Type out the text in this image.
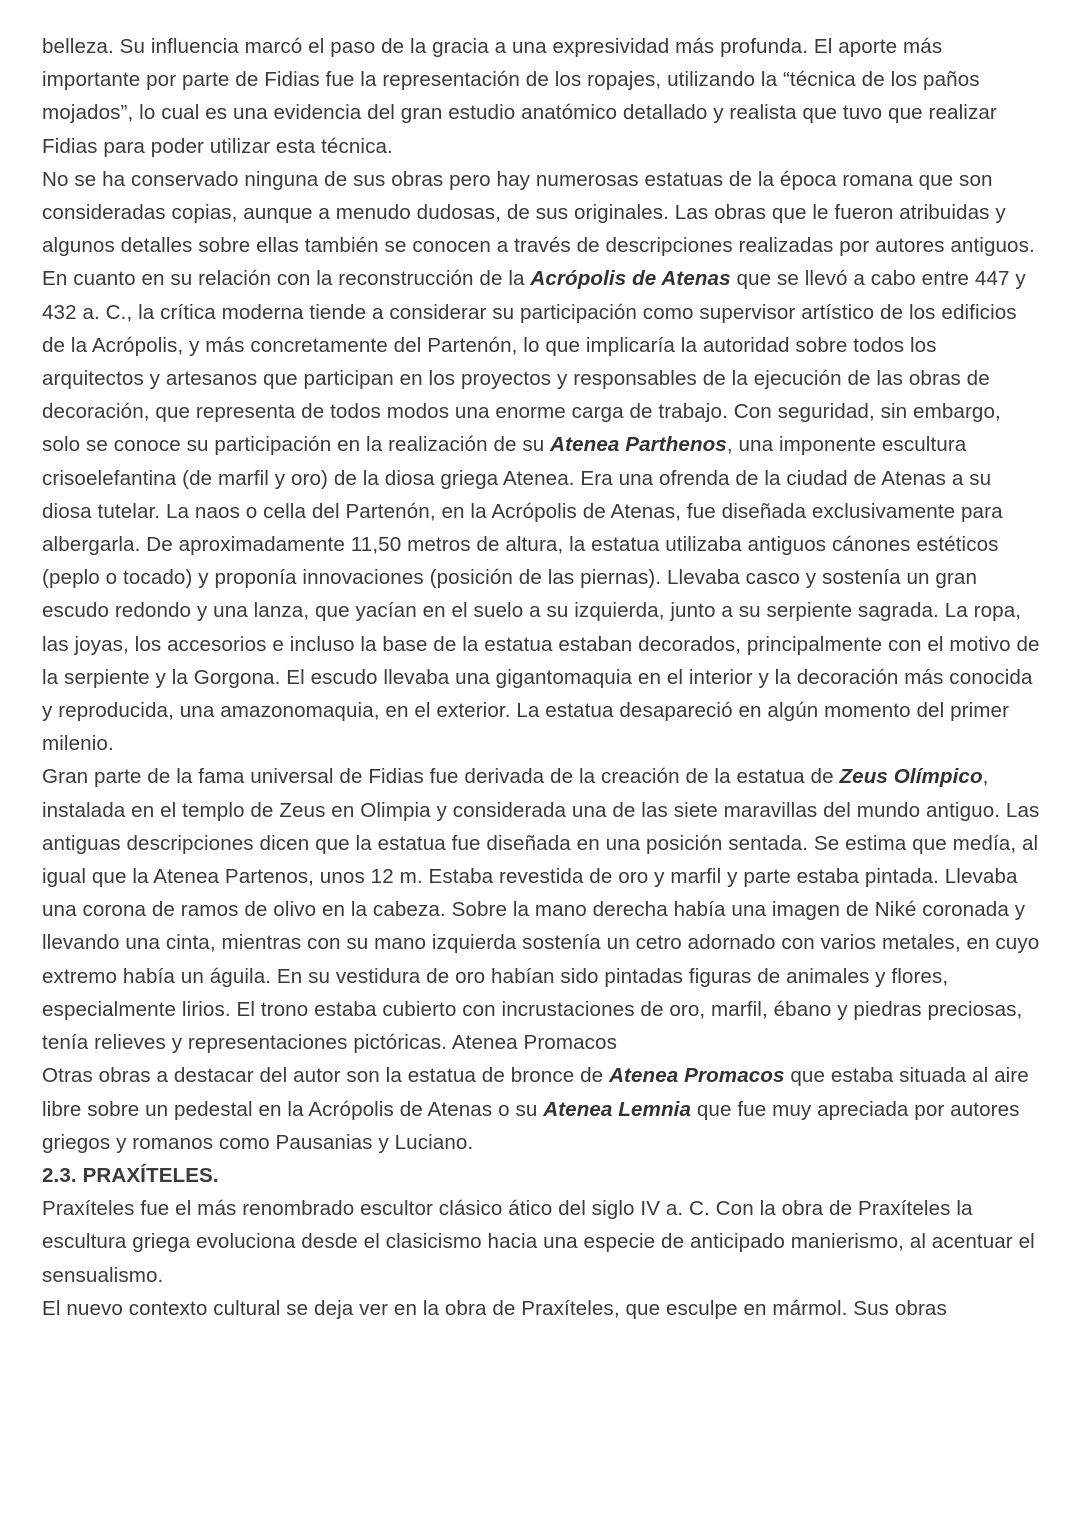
belleza. Su influencia marcó el paso de la gracia a una expresividad más profunda. El aporte más importante por parte de Fidias fue la representación de los ropajes, utilizando la “técnica de los paños mojados”, lo cual es una evidencia del gran estudio anatómico detallado y realista que tuvo que realizar Fidias para poder utilizar esta técnica.

No se ha conservado ninguna de sus obras pero hay numerosas estatuas de la época romana que son consideradas copias, aunque a menudo dudosas, de sus originales. Las obras que le fueron atribuidas y algunos detalles sobre ellas también se conocen a través de descripciones realizadas por autores antiguos.

En cuanto en su relación con la reconstrucción de la Acrópolis de Atenas que se llevó a cabo entre 447 y 432 a. C., la crítica moderna tiende a considerar su participación como supervisor artístico de los edificios de la Acrópolis, y más concretamente del Partenón, lo que implicaría la autoridad sobre todos los arquitectos y artesanos que participan en los proyectos y responsables de la ejecución de las obras de decoración, que representa de todos modos una enorme carga de trabajo. Con seguridad, sin embargo, solo se conoce su participación en la realización de su Atenea Parthenos, una imponente escultura crisoelefantina (de marfil y oro) de la diosa griega Atenea. Era una ofrenda de la ciudad de Atenas a su diosa tutelar. La naos o cella del Partenón, en la Acrópolis de Atenas, fue diseñada exclusivamente para albergarla. De aproximadamente 11,50 metros de altura, la estatua utilizaba antiguos cánones estéticos (peplo o tocado) y proponía innovaciones (posición de las piernas). Llevaba casco y sostenía un gran escudo redondo y una lanza, que yacían en el suelo a su izquierda, junto a su serpiente sagrada. La ropa, las joyas, los accesorios e incluso la base de la estatua estaban decorados, principalmente con el motivo de la serpiente y la Gorgona. El escudo llevaba una gigantomaquia en el interior y la decoración más conocida y reproducida, una amazonomaquia, en el exterior. La estatua desapareció en algún momento del primer milenio.

Gran parte de la fama universal de Fidias fue derivada de la creación de la estatua de Zeus Olímpico, instalada en el templo de Zeus en Olimpia y considerada una de las siete maravillas del mundo antiguo. Las antiguas descripciones dicen que la estatua fue diseñada en una posición sentada. Se estima que medía, al igual que la Atenea Partenos, unos 12 m. Estaba revestida de oro y marfil y parte estaba pintada. Llevaba una corona de ramos de olivo en la cabeza. Sobre la mano derecha había una imagen de Niké coronada y llevando una cinta, mientras con su mano izquierda sostenía un cetro adornado con varios metales, en cuyo extremo había un águila. En su vestidura de oro habían sido pintadas figuras de animales y flores, especialmente lirios. El trono estaba cubierto con incrustaciones de oro, marfil, ébano y piedras preciosas, tenía relieves y representaciones pictóricas. Atenea Promacos

Otras obras a destacar del autor son la estatua de bronce de Atenea Promacos que estaba situada al aire libre sobre un pedestal en la Acrópolis de Atenas o su Atenea Lemnia que fue muy apreciada por autores griegos y romanos como Pausanias y Luciano.

2.3. PRAXÍTELES.

Praxíteles fue el más renombrado escultor clásico ático del siglo IV a. C. Con la obra de Praxíteles la escultura griega evoluciona desde el clasicismo hacia una especie de anticipado manierismo, al acentuar el sensualismo.

El nuevo contexto cultural se deja ver en la obra de Praxíteles, que esculpe en mármol. Sus obras
